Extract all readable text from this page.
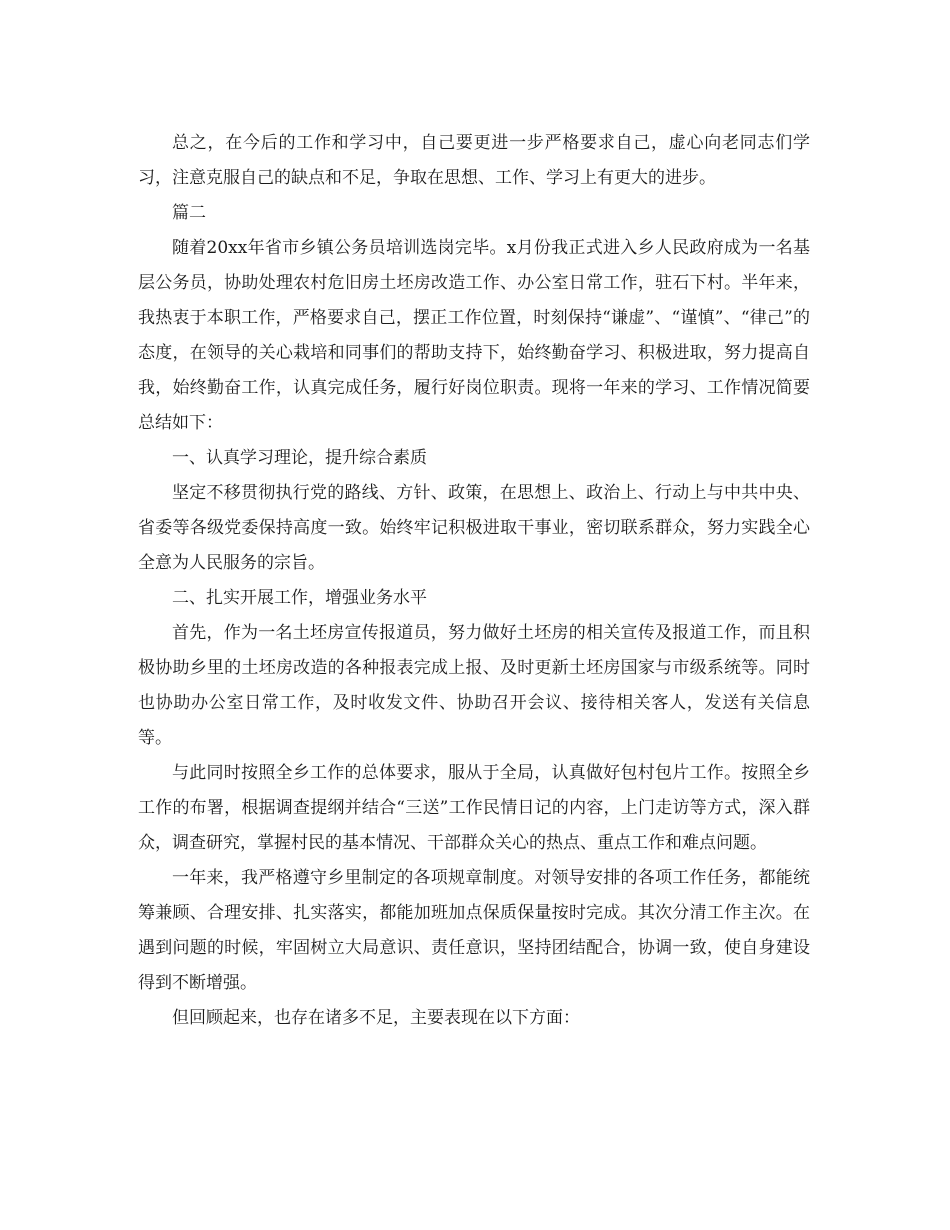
总之，在今后的工作和学习中，自己要更进一步严格要求自己，虚心向老同志们学习，注意克服自己的缺点和不足，争取在思想、工作、学习上有更大的进步。

篇二

随着20xx年省市乡镇公务员培训选岗完毕。x月份我正式进入乡人民政府成为一名基层公务员，协助处理农村危旧房土坯房改造工作、办公室日常工作，驻石下村。半年来，我热衷于本职工作，严格要求自己，摆正工作位置，时刻保持“谦虚”、“谨慎”、“律己”的态度，在领导的关心栽培和同事们的帮助支持下，始终勤奋学习、积极进取，努力提高自我，始终勤奋工作，认真完成任务，履行好岗位职责。现将一年来的学习、工作情况简要总结如下：

一、认真学习理论，提升综合素质

坚定不移贯彻执行党的路线、方针、政策，在思想上、政治上、行动上与中共中央、省委等各级党委保持高度一致。始终牢记积极进取干事业，密切联系群众，努力实践全心全意为人民服务的宗旨。

二、扎实开展工作，增强业务水平

首先，作为一名土坯房宣传报道员，努力做好土坯房的相关宣传及报道工作，而且积极协助乡里的土坯房改造的各种报表完成上报、及时更新土坯房国家与市级系统等。同时也协助办公室日常工作，及时收发文件、协助召开会议、接待相关客人，发送有关信息等。

与此同时按照全乡工作的总体要求，服从于全局，认真做好包村包片工作。按照全乡工作的布署，根据调查提纲并结合“三送”工作民情日记的内容，上门走访等方式，深入群众，调查研究，掌握村民的基本情况、干部群众关心的热点、重点工作和难点问题。

一年来，我严格遵守乡里制定的各项规章制度。对领导安排的各项工作任务，都能统筹兼顾、合理安排、扎实落实，都能加班加点保质保量按时完成。其次分清工作主次。在遇到问题的时候，牢固树立大局意识、责任意识，坚持团结配合，协调一致，使自身建设得到不断增强。

但回顾起来，也存在诸多不足，主要表现在以下方面：
